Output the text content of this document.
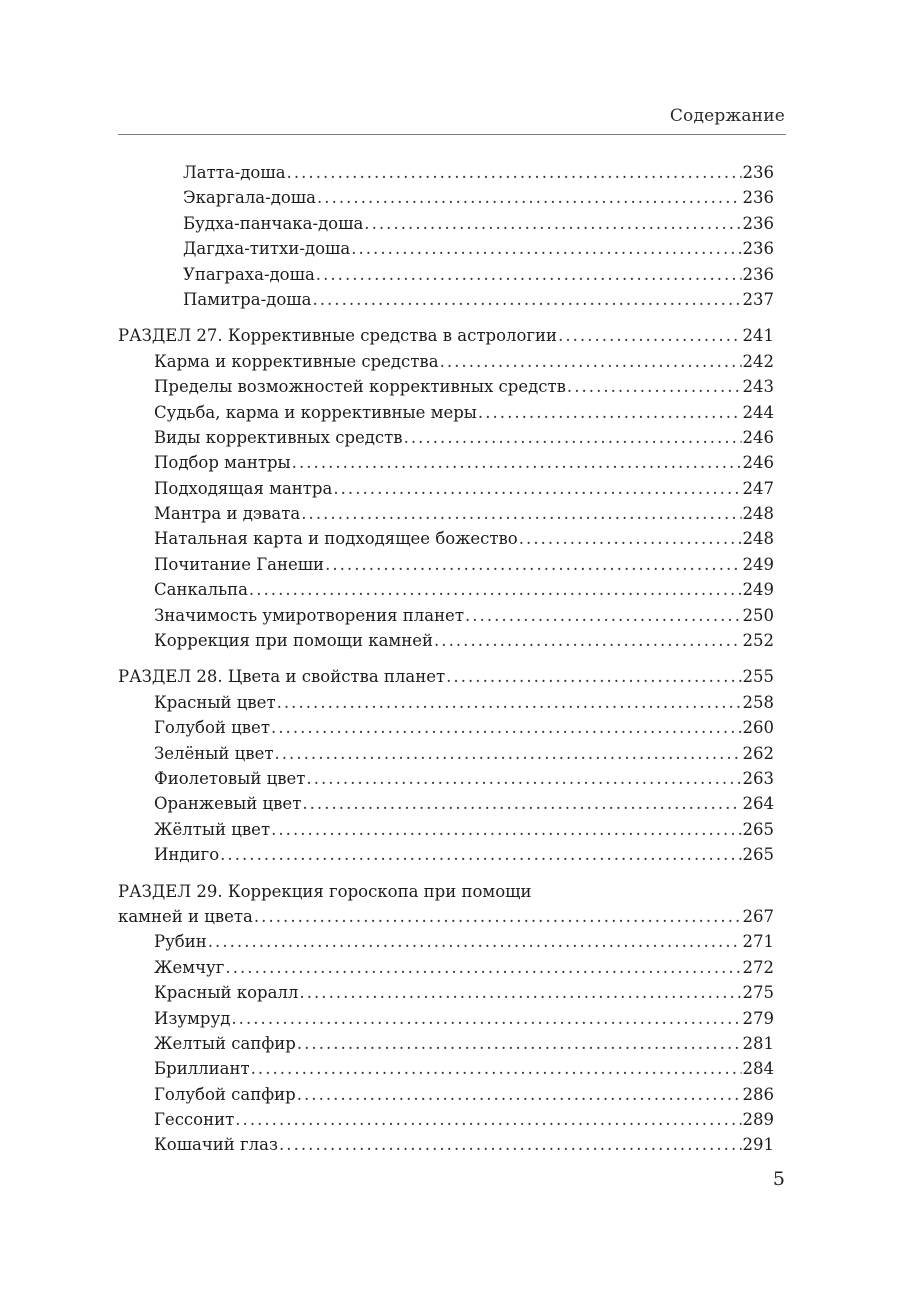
Содержание
Латта-доша . . .	236
Экаргала-доша . . .	236
Будха-панчака-доша . . .	236
Дагдха-титхи-доша . . .	236
Упаграха-доша . . .	236
Памитра-доша . . .	237
РАЗДЕЛ 27. Коррективные средства в астрологии . . .	241
Карма и коррективные средства . . .	242
Пределы возможностей коррективных средств . . .	243
Судьба, карма и коррективные меры . . .	244
Виды коррективных средств . . .	246
Подбор мантры . . .	246
Подходящая мантра . . .	247
Мантра и дэвата . . .	248
Натальная карта и подходящее божество . . .	248
Почитание Ганеши . . .	249
Санкальпа . . .	249
Значимость умиротворения планет . . .	250
Коррекция при помощи камней . . .	252
РАЗДЕЛ 28. Цвета и свойства планет . . .	255
Красный цвет . . .	258
Голубой цвет . . .	260
Зелёный цвет . . .	262
Фиолетовый цвет . . .	263
Оранжевый цвет . . .	264
Жёлтый цвет . . .	265
Индиго . . .	265
РАЗДЕЛ 29. Коррекция гороскопа при помощи
камней и цвета . . .	267
Рубин . . .	271
Жемчуг . . .	272
Красный коралл . . .	275
Изумруд . . .	279
Желтый сапфир . . .	281
Бриллиант . . .	284
Голубой сапфир . . .	286
Гессонит . . .	289
Кошачий глаз . . .	291
5
